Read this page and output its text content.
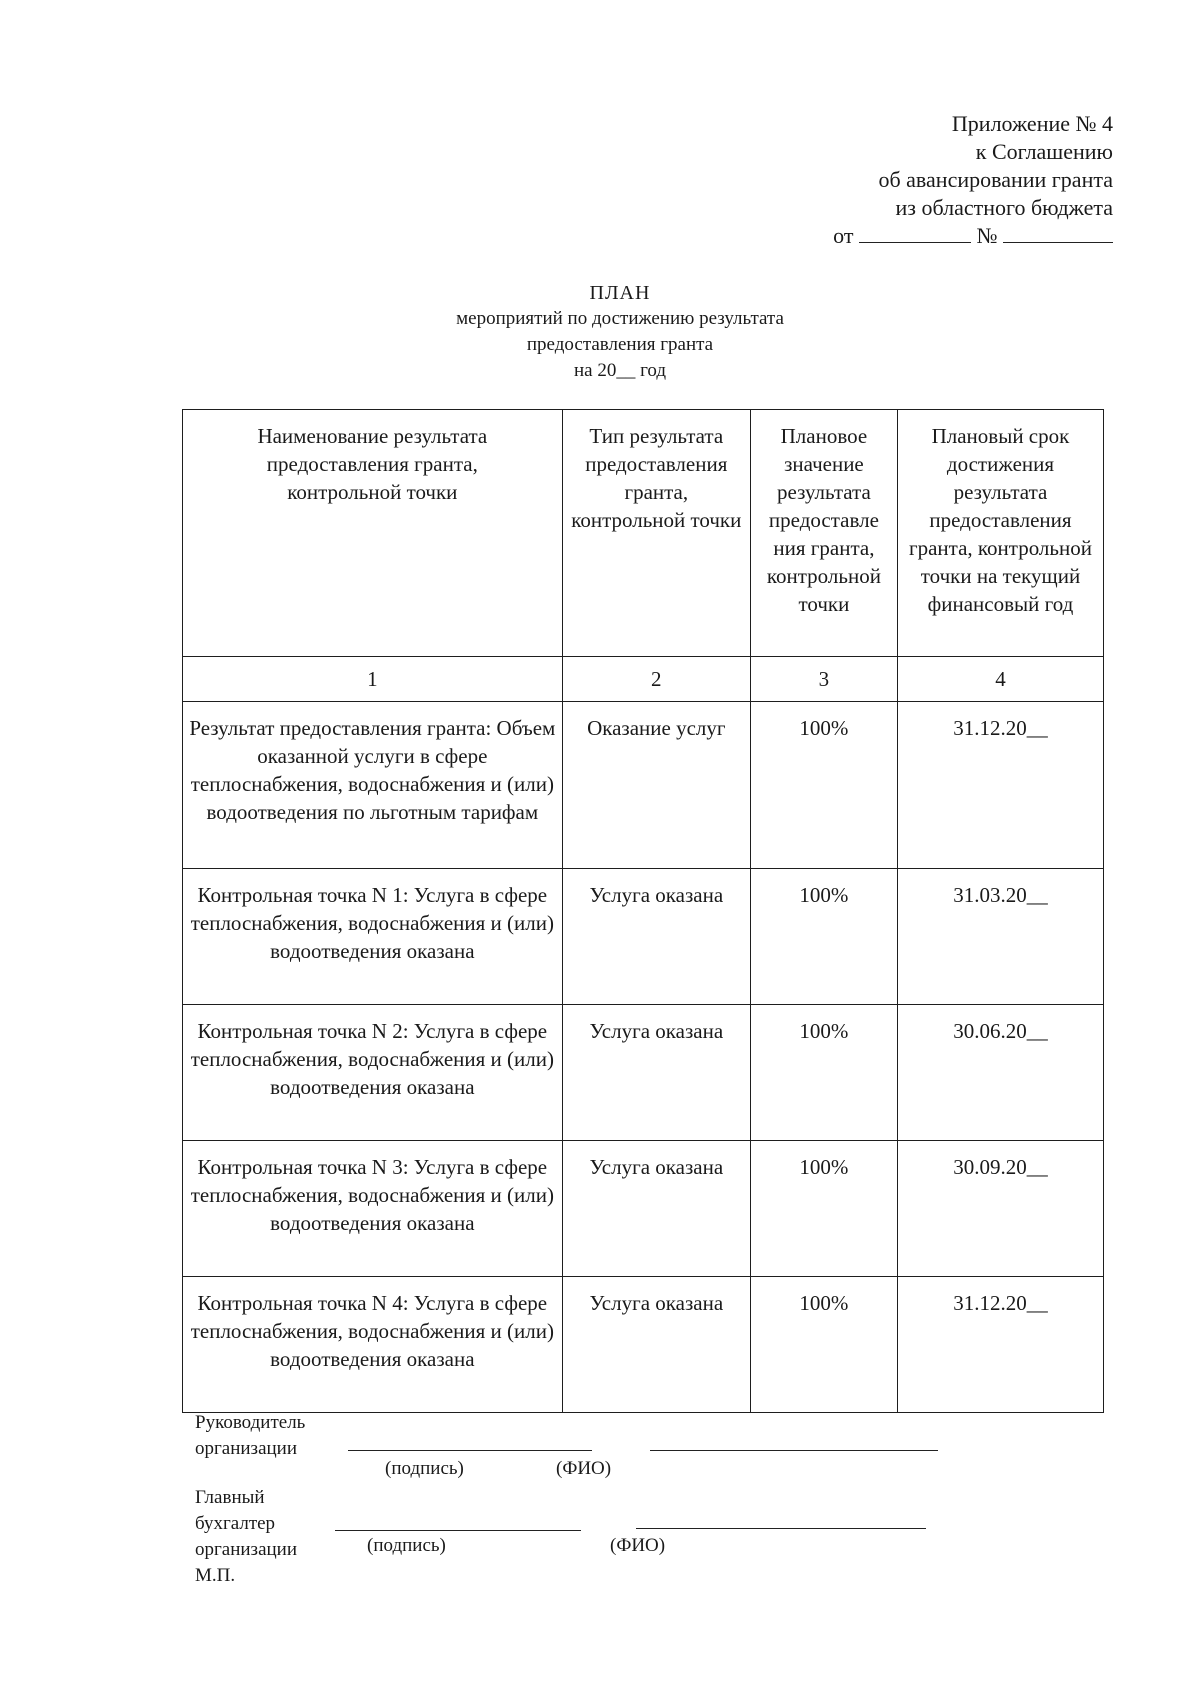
Приложение № 4
к Соглашению
об авансировании гранта
из областного бюджета
от	№
ПЛАН
мероприятий по достижению результата
предоставления гранта
на 20__ год
Наименование результата предоставления гранта, контрольной точки	Тип результата предоставления гранта, контрольной точки	Плановое значение результата предоставле ния гранта, контрольной точки	Плановый срок достижения результата предоставления гранта, контрольной точки на текущий финансовый год
1	2	3	4
Результат предоставления гранта: Объем оказанной услуги в сфере теплоснабжения, водоснабжения и (или) водоотведения по льготным тарифам	Оказание услуг	100%	31.12.20__
Контрольная точка N 1: Услуга в сфере теплоснабжения, водоснабжения и (или) водоотведения оказана	Услуга оказана	100%	31.03.20__
Контрольная точка N 2: Услуга в сфере теплоснабжения, водоснабжения и (или) водоотведения оказана	Услуга оказана	100%	30.06.20__
Контрольная точка N 3: Услуга в сфере теплоснабжения, водоснабжения и (или) водоотведения оказана	Услуга оказана	100%	30.09.20__
Контрольная точка N 4: Услуга в сфере теплоснабжения, водоснабжения и (или) водоотведения оказана	Услуга оказана	100%	31.12.20__
Руководитель
организации
(подпись)	(ФИО)
Главный
бухгалтер
организации
М.П.
(подпись)	(ФИО)
